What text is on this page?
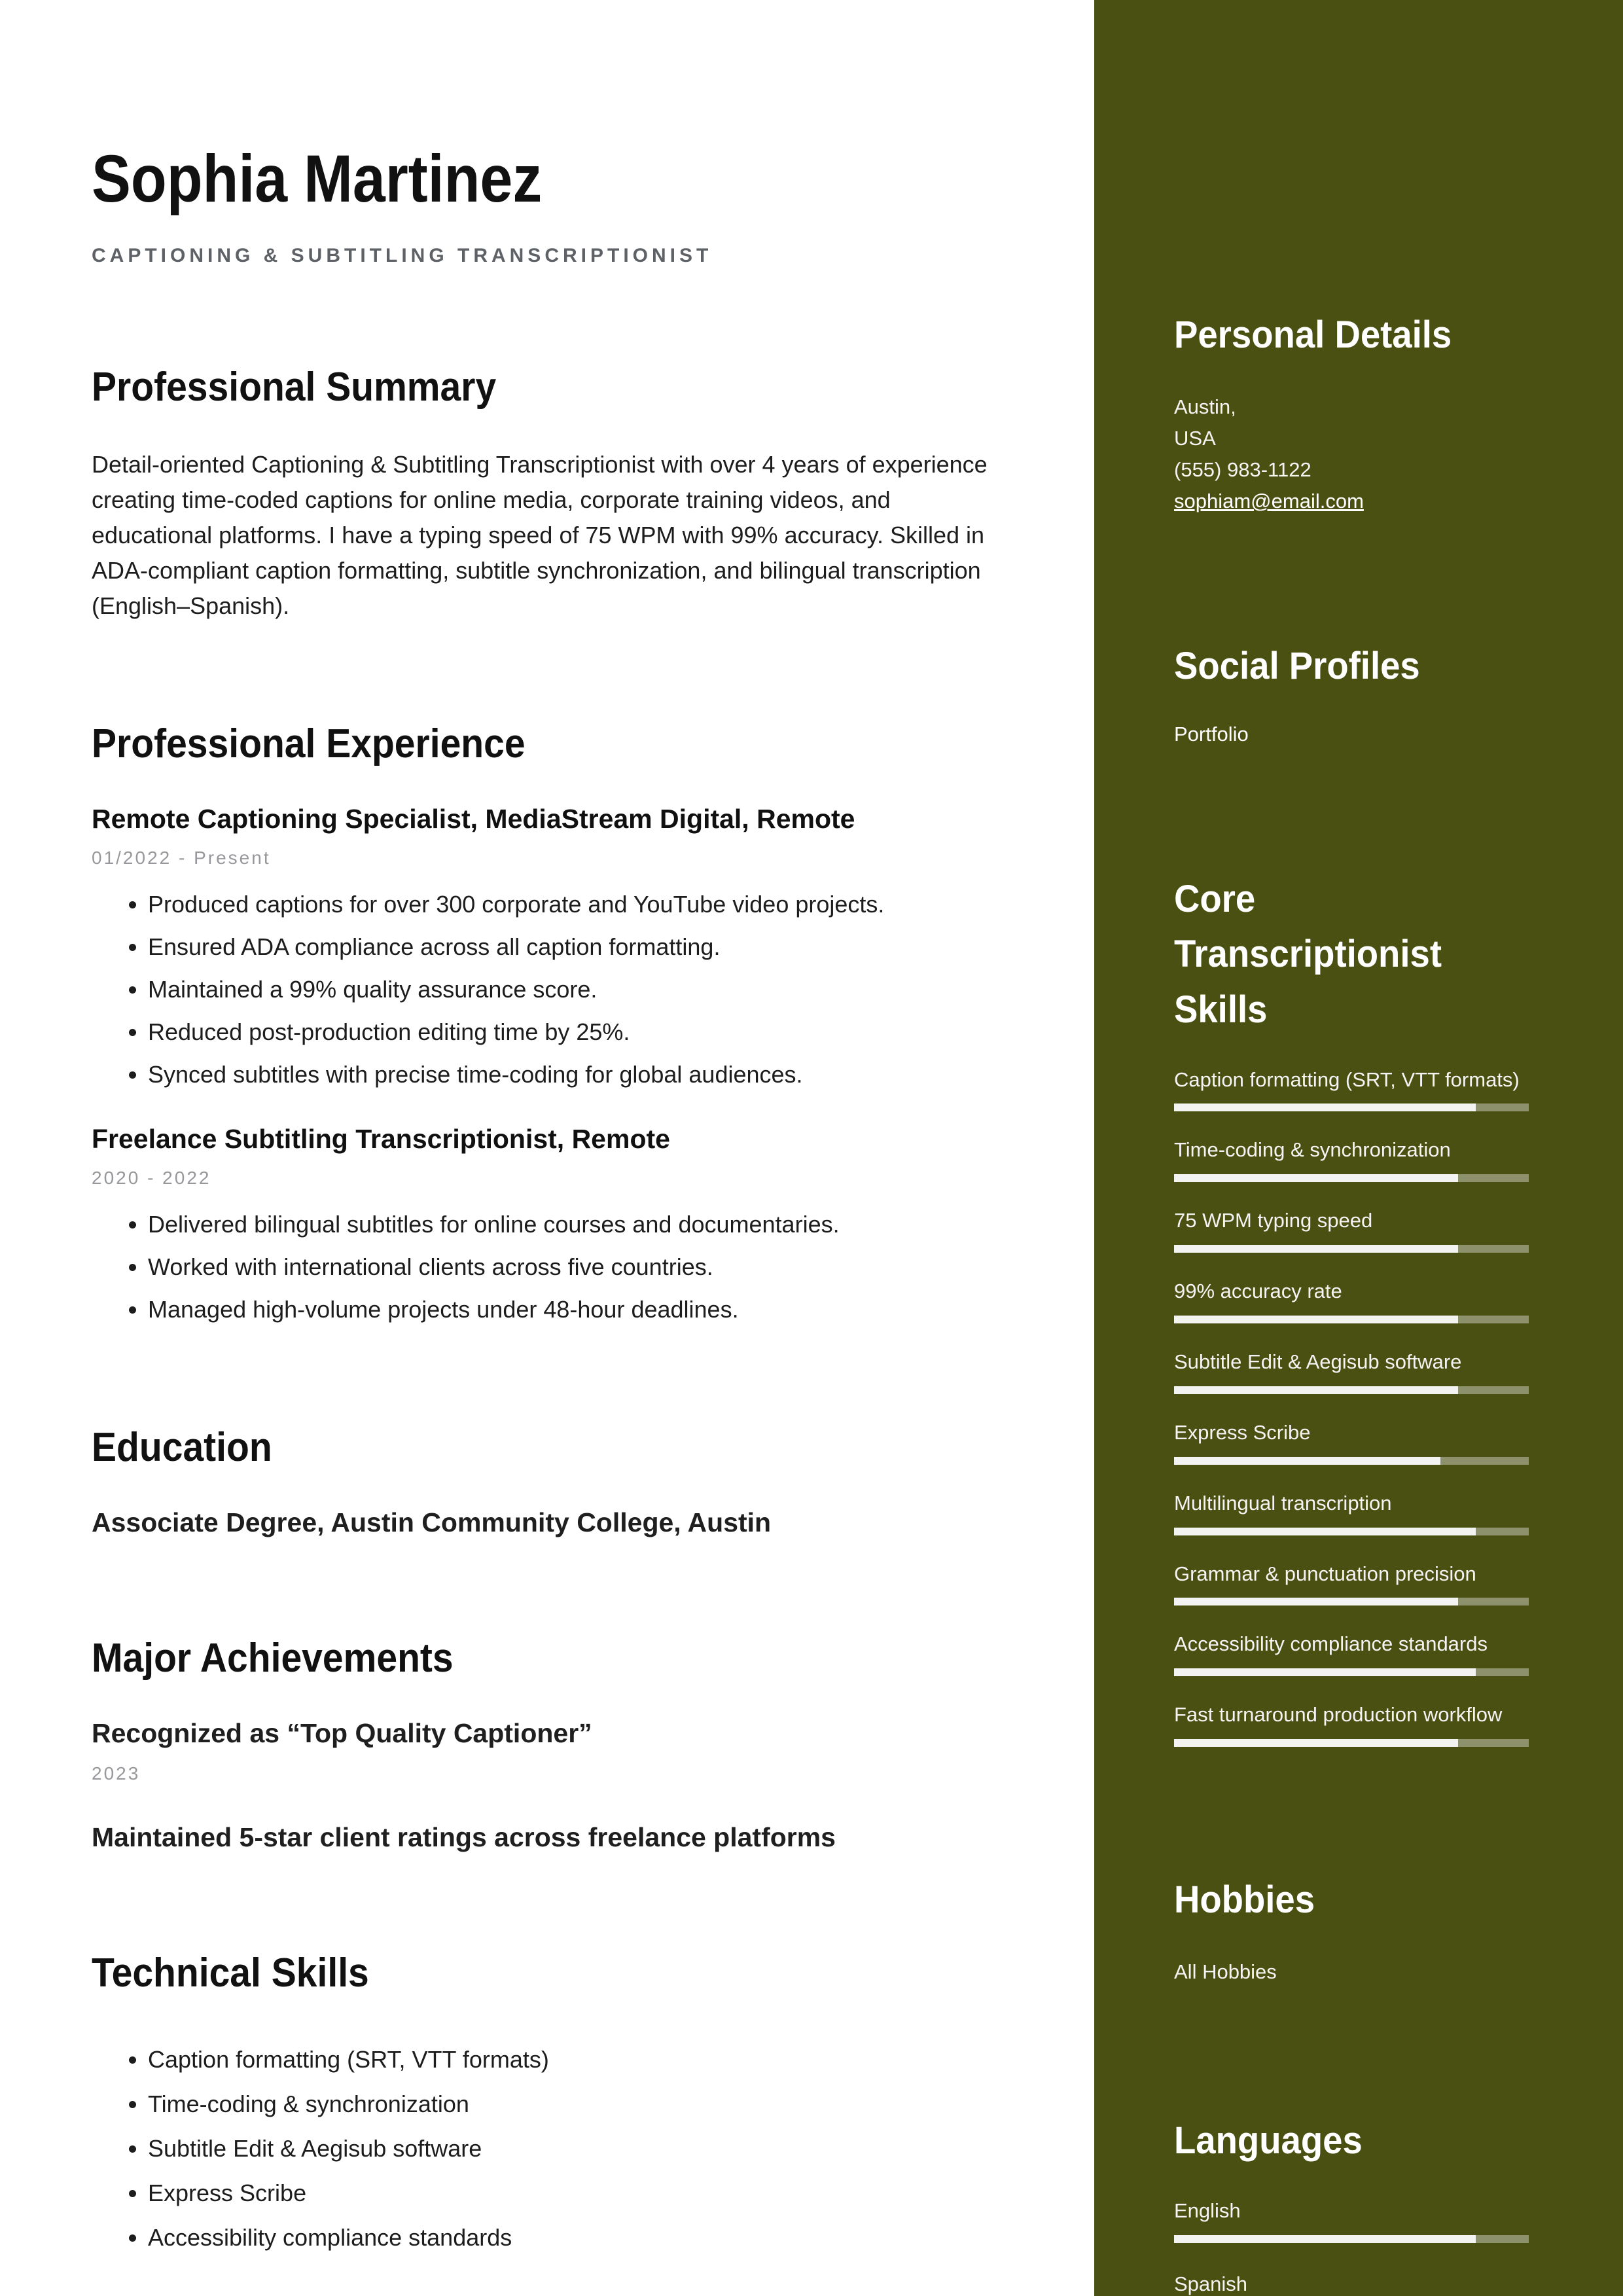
Sophia Martinez
CAPTIONING & SUBTITLING TRANSCRIPTIONIST
Professional Summary

Detail-oriented Captioning & Subtitling Transcriptionist with over 4 years of experience creating time-coded captions for online media, corporate training videos, and educational platforms. I have a typing speed of 75 WPM with 99% accuracy. Skilled in ADA-compliant caption formatting, subtitle synchronization, and bilingual transcription (English–Spanish).

Professional Experience
Remote Captioning Specialist, MediaStream Digital, Remote
01/2022 - Present
• Produced captions for over 300 corporate and YouTube video projects.
• Ensured ADA compliance across all caption formatting.
• Maintained a 99% quality assurance score.
• Reduced post-production editing time by 25%.
• Synced subtitles with precise time-coding for global audiences.
Freelance Subtitling Transcriptionist, Remote
2020 - 2022
• Delivered bilingual subtitles for online courses and documentaries.
• Worked with international clients across five countries.
• Managed high-volume projects under 48-hour deadlines.
Education
Associate Degree, Austin Community College, Austin
Major Achievements
Recognized as “Top Quality Captioner”
2023
Maintained 5-star client ratings across freelance platforms
Technical Skills
• Caption formatting (SRT, VTT formats)
• Time-coding & synchronization
• Subtitle Edit & Aegisub software
• Express Scribe
• Accessibility compliance standards
Personal Details
Austin,
USA
(555) 983-1122
sophiam@email.com
Social Profiles
Portfolio
Core Transcriptionist Skills
Caption formatting (SRT, VTT formats)
Time-coding & synchronization
75 WPM typing speed
99% accuracy rate
Subtitle Edit & Aegisub software
Express Scribe
Multilingual transcription
Grammar & punctuation precision
Accessibility compliance standards
Fast turnaround production workflow
Hobbies
All Hobbies
Languages
English
Spanish
